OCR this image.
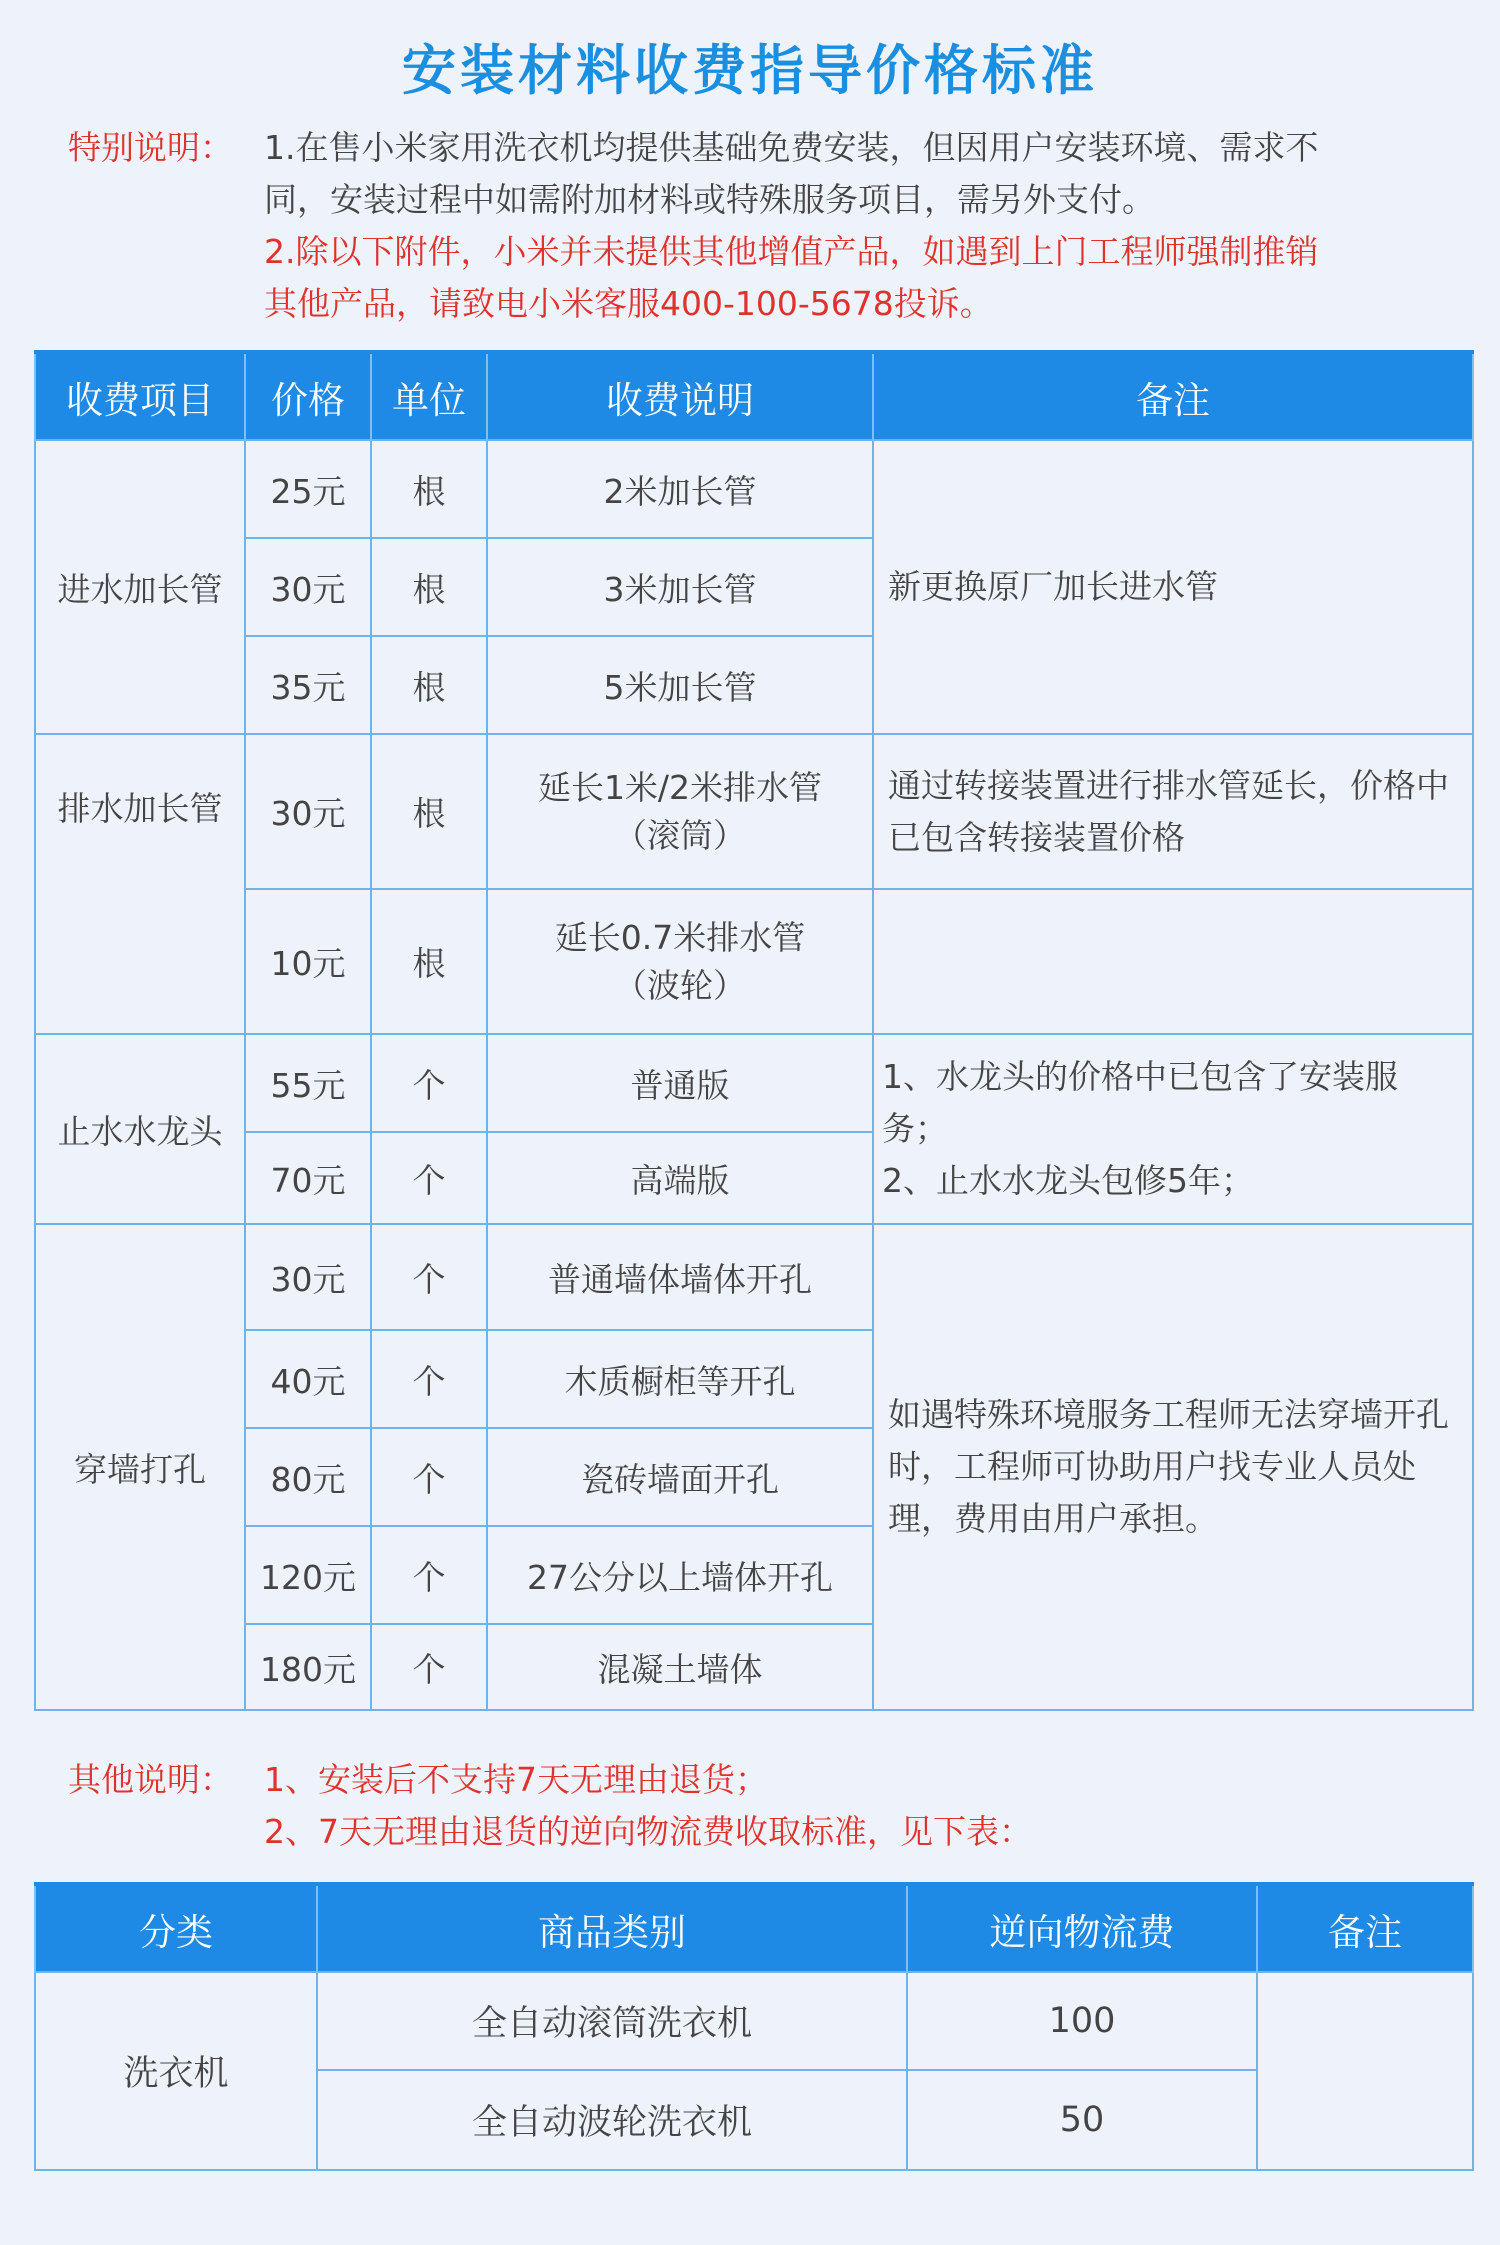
安装材料收费指导价格标准
特别说明： 1.在售小米家用洗衣机均提供基础免费安装，但因用户安装环境、需求不
同，安装过程中如需附加材料或特殊服务项目，需另外支付。
2.除以下附件，小米并未提供其他增值产品，如遇到上门工程师强制推销
其他产品，请致电小米客服400-100-5678投诉。
收费项目	价格	单位	收费说明	备注
进水加长管	25元	根	2米加长管	新更换原厂加长进水管
	30元	根	3米加长管	
	35元	根	5米加长管	
排水加长管	30元	根	延长1米/2米排水管
（滚筒）	通过转接装置进行排水管延长，价格中已包含转接装置价格
	10元	根	延长0.7米排水管
（波轮）	

止水水龙头	55元	个	普通版	1、水龙头的价格中已包含了安装服务；
2、止水水龙头包修5年；

	70元	个	高端版	
穿墙打孔	30元	个	普通墙体墙体开孔	如遇特殊环境服务工程师无法穿墙开孔时，工程师可协助用户找专业人员处理，费用由用户承担。
	40元	个	木质橱柜等开孔	
	80元	个	瓷砖墙面开孔	
	120元	个	27公分以上墙体开孔	
	180元	个	混凝土墙体	
其他说明： 1、安装后不支持7天无理由退货；
2、7天无理由退货的逆向物流费收取标准，见下表：
分类	商品类别	逆向物流费	备注
洗衣机	全自动滚筒洗衣机	100	
	全自动波轮洗衣机	50	
